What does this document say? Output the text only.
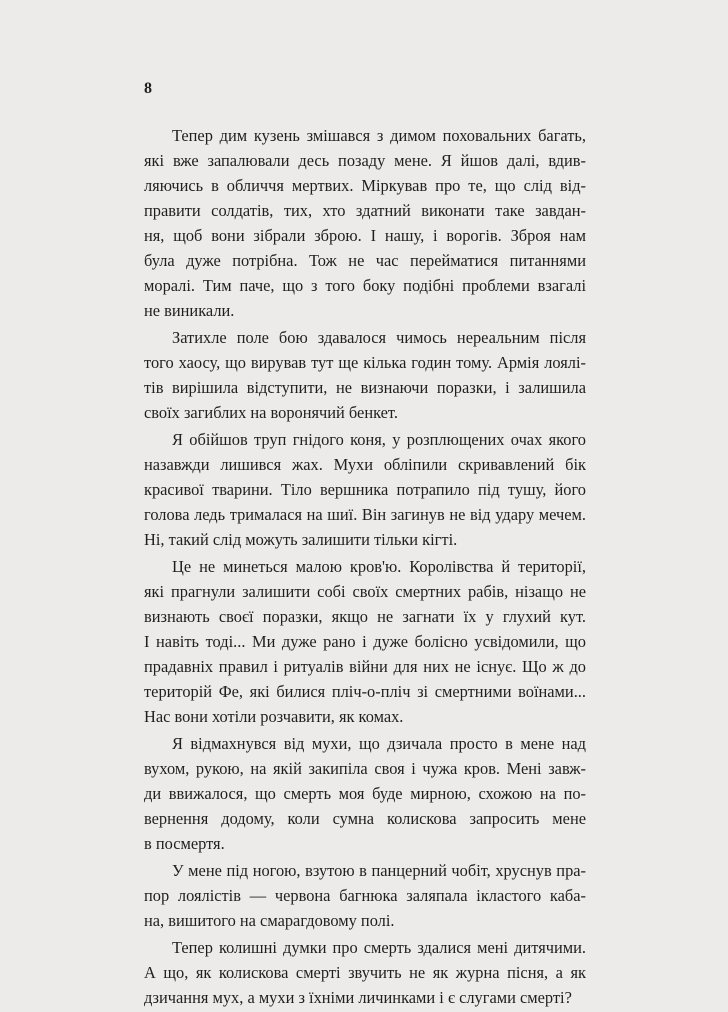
8
Тепер дим кузень змішався з димом поховальних багать,
які вже запалювали десь позаду мене. Я йшов далі, вдив-
ляючись в обличчя мертвих. Міркував про те, що слід від-
правити солдатів, тих, хто здатний виконати таке завдан-
ня, щоб вони зібрали зброю. І нашу, і ворогів. Зброя нам
була дуже потрібна. Тож не час перейматися питаннями
моралі. Тим паче, що з того боку подібні проблеми взагалі
не виникали.
Затихле поле бою здавалося чимось нереальним після
того хаосу, що вирував тут ще кілька годин тому. Армія лоялі-
тів вирішила відступити, не визнаючи поразки, і залишила
своїх загиблих на воронячий бенкет.
Я обійшов труп гнідого коня, у розплющених очах якого
назавжди лишився жах. Мухи обліпили скривавлений бік
красивої тварини. Тіло вершника потрапило під тушу, його
голова ледь трималася на шиї. Він загинув не від удару мечем.
Ні, такий слід можуть залишити тільки кігті.
Це не минеться малою кров'ю. Королівства й території,
які прагнули залишити собі своїх смертних рабів, нізащо не
визнають своєї поразки, якщо не загнати їх у глухий кут.
І навіть тоді... Ми дуже рано і дуже болісно усвідомили, що
прадавніх правил і ритуалів війни для них не існує. Що ж до
територій Фе, які билися пліч-о-пліч зі смертними воїнами...
Нас вони хотіли розчавити, як комах.
Я відмахнувся від мухи, що дзичала просто в мене над
вухом, рукою, на якій закипіла своя і чужа кров. Мені завж-
ди ввижалося, що смерть моя буде мирною, схожою на по-
вернення додому, коли сумна колискова запросить мене
в посмертя.
У мене під ногою, взутою в панцерний чобіт, хруснув пра-
пор лоялістів — червона багнюка заляпала ікластого каба-
на, вишитого на смарагдовому полі.
Тепер колишні думки про смерть здалися мені дитячими.
А що, як колискова смерті звучить не як журна пісня, а як
дзичання мух, а мухи з їхніми личинками і є слугами смерті?
